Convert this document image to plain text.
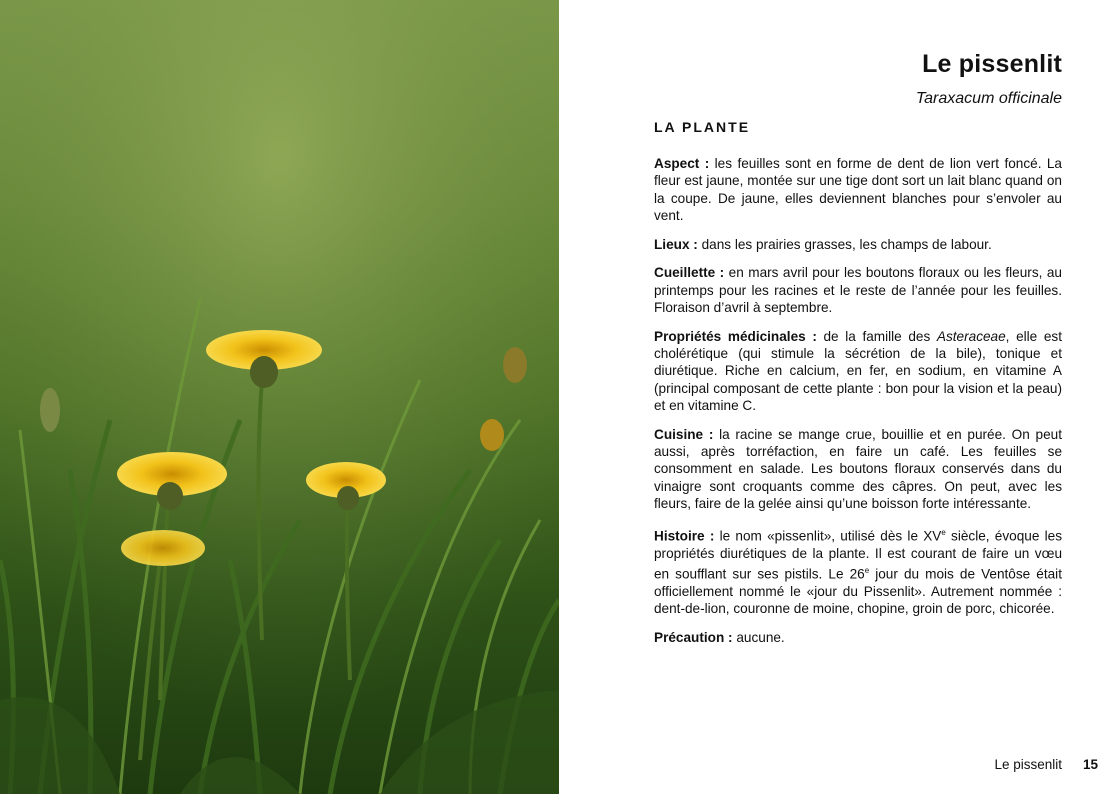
Le pissenlit
Taraxacum officinale
LA PLANTE

Aspect : les feuilles sont en forme de dent de lion vert foncé. La fleur est jaune, montée sur une tige dont sort un lait blanc quand on la coupe. De jaune, elles deviennent blanches pour s’envoler au vent.

Lieux : dans les prairies grasses, les champs de labour.

Cueillette : en mars avril pour les boutons floraux ou les fleurs, au printemps pour les racines et le reste de l’année pour les feuilles. Floraison d’avril à septembre.

Propriétés médicinales : de la famille des Asteraceae, elle est cholérétique (qui stimule la sécrétion de la bile), tonique et diurétique. Riche en calcium, en fer, en sodium, en vitamine A (principal composant de cette plante : bon pour la vision et la peau) et en vitamine C.

Cuisine : la racine se mange crue, bouillie et en purée. On peut aussi, après torréfaction, en faire un café. Les feuilles se consomment en salade. Les boutons floraux conservés dans du vinaigre sont croquants comme des câpres. On peut, avec les fleurs, faire de la gelée ainsi qu’une boisson forte intéressante.

Histoire : le nom «pissenlit», utilisé dès le XVe siècle, évoque les propriétés diurétiques de la plante. Il est courant de faire un vœu en soufflant sur ses pistils. Le 26e jour du mois de Ventôse était officiellement nommé le «jour du Pissenlit». Autrement nommée : dent-de-lion, couronne de moine, chopine, groin de porc, chicorée.

Précaution : aucune.

Le pissenlit 15
